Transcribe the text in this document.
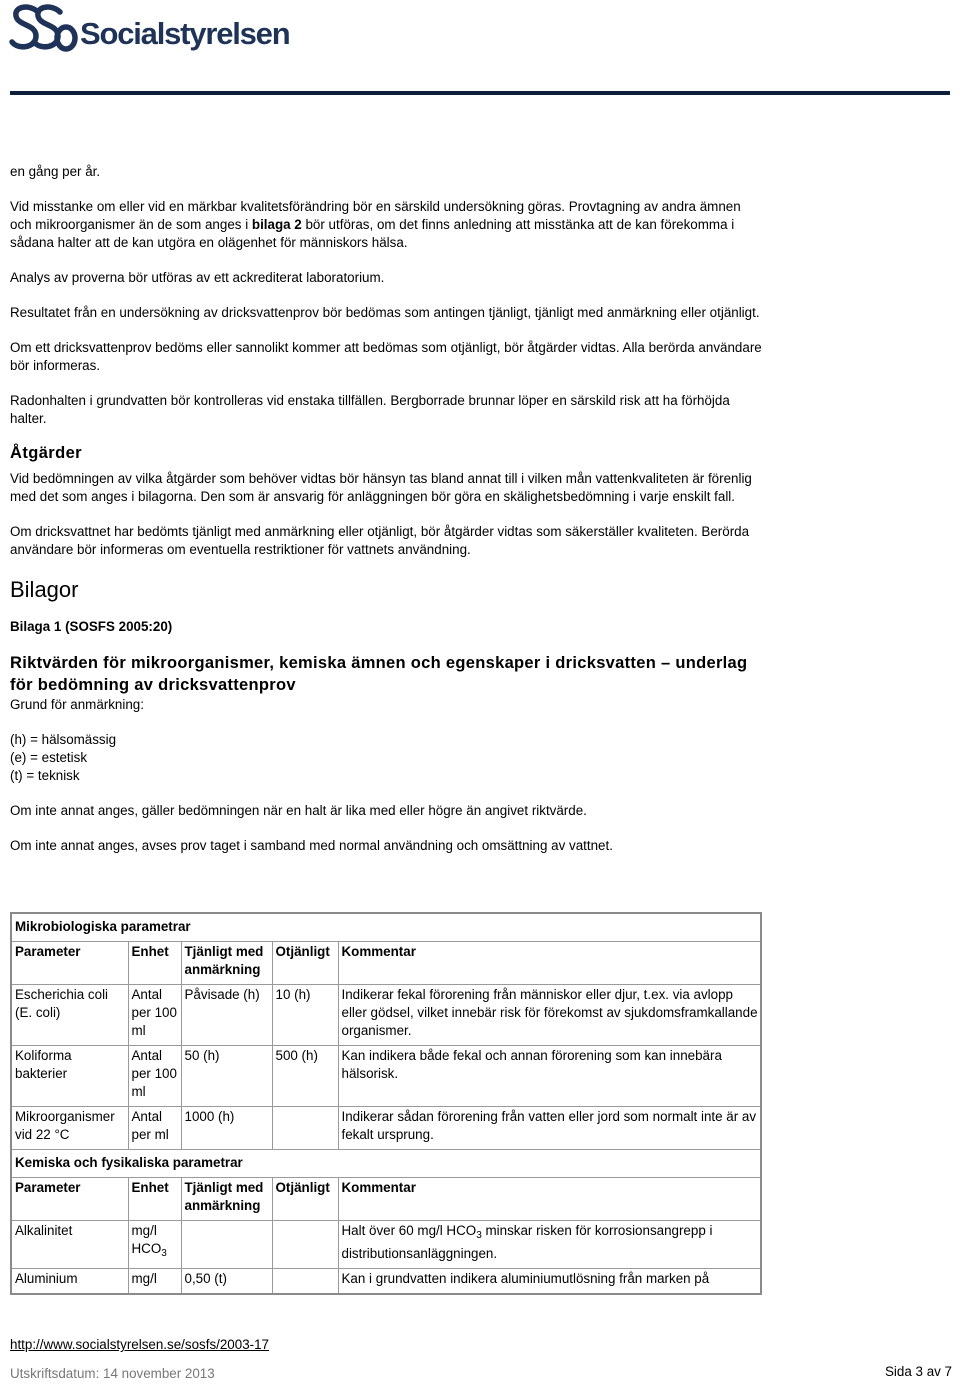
Socialstyrelsen

en gång per år.

Vid misstanke om eller vid en märkbar kvalitetsförändring bör en särskild undersökning göras. Provtagning av andra ämnen och mikroorganismer än de som anges i bilaga 2 bör utföras, om det finns anledning att misstänka att de kan förekomma i sådana halter att de kan utgöra en olägenhet för människors hälsa.

Analys av proverna bör utföras av ett ackrediterat laboratorium.

Resultatet från en undersökning av dricksvattenprov bör bedömas som antingen tjänligt, tjänligt med anmärkning eller otjänligt.

Om ett dricksvattenprov bedöms eller sannolikt kommer att bedömas som otjänligt, bör åtgärder vidtas. Alla berörda användare bör informeras.

Radonhalten i grundvatten bör kontrolleras vid enstaka tillfällen. Bergborrade brunnar löper en särskild risk att ha förhöjda halter.

Åtgärder

Vid bedömningen av vilka åtgärder som behöver vidtas bör hänsyn tas bland annat till i vilken mån vattenkvaliteten är förenlig med det som anges i bilagorna. Den som är ansvarig för anläggningen bör göra en skälighetsbedömning i varje enskilt fall.

Om dricksvattnet har bedömts tjänligt med anmärkning eller otjänligt, bör åtgärder vidtas som säkerställer kvaliteten. Berörda användare bör informeras om eventuella restriktioner för vattnets användning.

Bilagor
Bilaga 1 (SOSFS 2005:20)
Riktvärden för mikroorganismer, kemiska ämnen och egenskaper i dricksvatten – underlag för bedömning av dricksvattenprov

Grund för anmärkning:

(h) = hälsomässig

(e) = estetisk

(t) = teknisk

Om inte annat anges, gäller bedömningen när en halt är lika med eller högre än angivet riktvärde.

Om inte annat anges, avses prov taget i samband med normal användning och omsättning av vattnet.

Mikrobiologiska parametrar				
Parameter	Enhet	Tjänligt med anmärkning	Otjänligt	Kommentar
Escherichia coli (E. coli)	Antal per 100 ml	Påvisade (h)	10 (h)	Indikerar fekal förorening från människor eller djur, t.ex. via avlopp eller gödsel, vilket innebär risk för förekomst av sjukdomsframkallande organismer.
Koliforma bakterier	Antal per 100 ml	50 (h)	500 (h)	Kan indikera både fekal och annan förorening som kan innebära hälsorisk.
Mikroorganismer vid 22 °C	Antal per ml	1000 (h)		Indikerar sådan förorening från vatten eller jord som normalt inte är av fekalt ursprung.
Kemiska och fysikaliska parametrar				
Parameter	Enhet	Tjänligt med anmärkning	Otjänligt	Kommentar
Alkalinitet	mg/l $HCO_3$			Halt över 60 mg/l $HCO_3$ minskar risken för korrosionsangrepp i distributionsanläggningen.
Aluminium	mg/l	0,50 (t)		Kan i grundvatten indikera aluminiumutlösning från marken på
http://www.socialstyrelsen.se/sosfs/2003-17
Utskriftsdatum: 14 november 2013	Sida 3 av 7
